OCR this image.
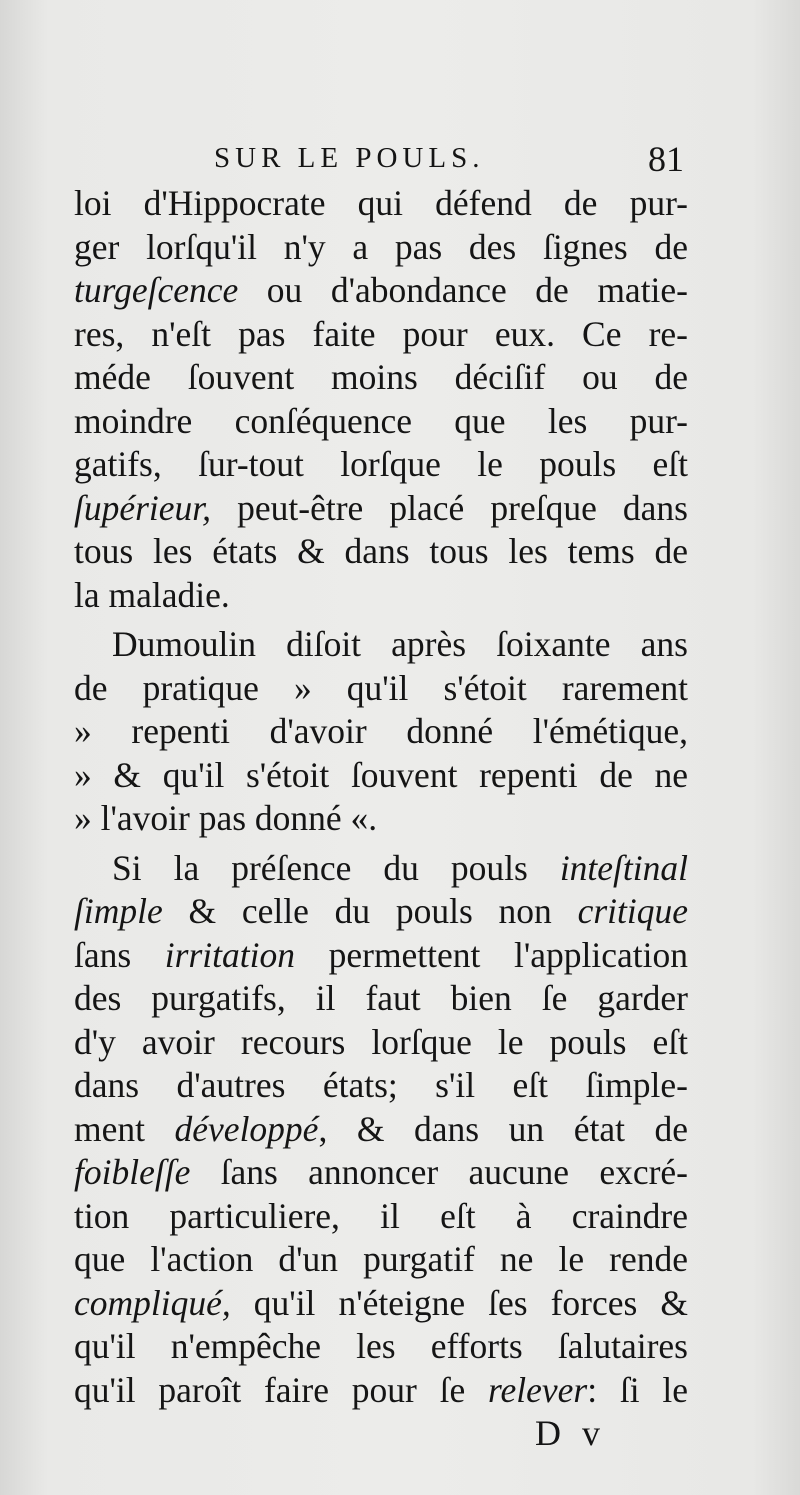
SUR LE POULS.	81
loi d'Hippocrate qui défend de pur-
ger lorſqu'il n'y a pas des ſignes de
turgeſcence ou d'abondance de matie-
res, n'eſt pas faite pour eux. Ce re-
méde ſouvent moins déciſif ou de
moindre conſéquence que les pur-
gatifs, ſur-tout lorſque le pouls eſt
ſupérieur, peut-être placé preſque dans
tous les états & dans tous les tems de
la maladie.
Dumoulin diſoit après ſoixante ans
de pratique » qu'il s'étoit rarement
» repenti d'avoir donné l'émétique,
» & qu'il s'étoit ſouvent repenti de ne
» l'avoir pas donné «.
Si la préſence du pouls inteſtinal
ſimple & celle du pouls non critique
ſans irritation permettent l'application
des purgatifs, il faut bien ſe garder
d'y avoir recours lorſque le pouls eſt
dans d'autres états; s'il eſt ſimple-
ment développé, & dans un état de
foibleſſe ſans annoncer aucune excré-
tion particuliere, il eſt à craindre
que l'action d'un purgatif ne le rende
compliqué, qu'il n'éteigne ſes forces &
qu'il n'empêche les efforts ſalutaires
qu'il paroît faire pour ſe relever: ſi le
D v
